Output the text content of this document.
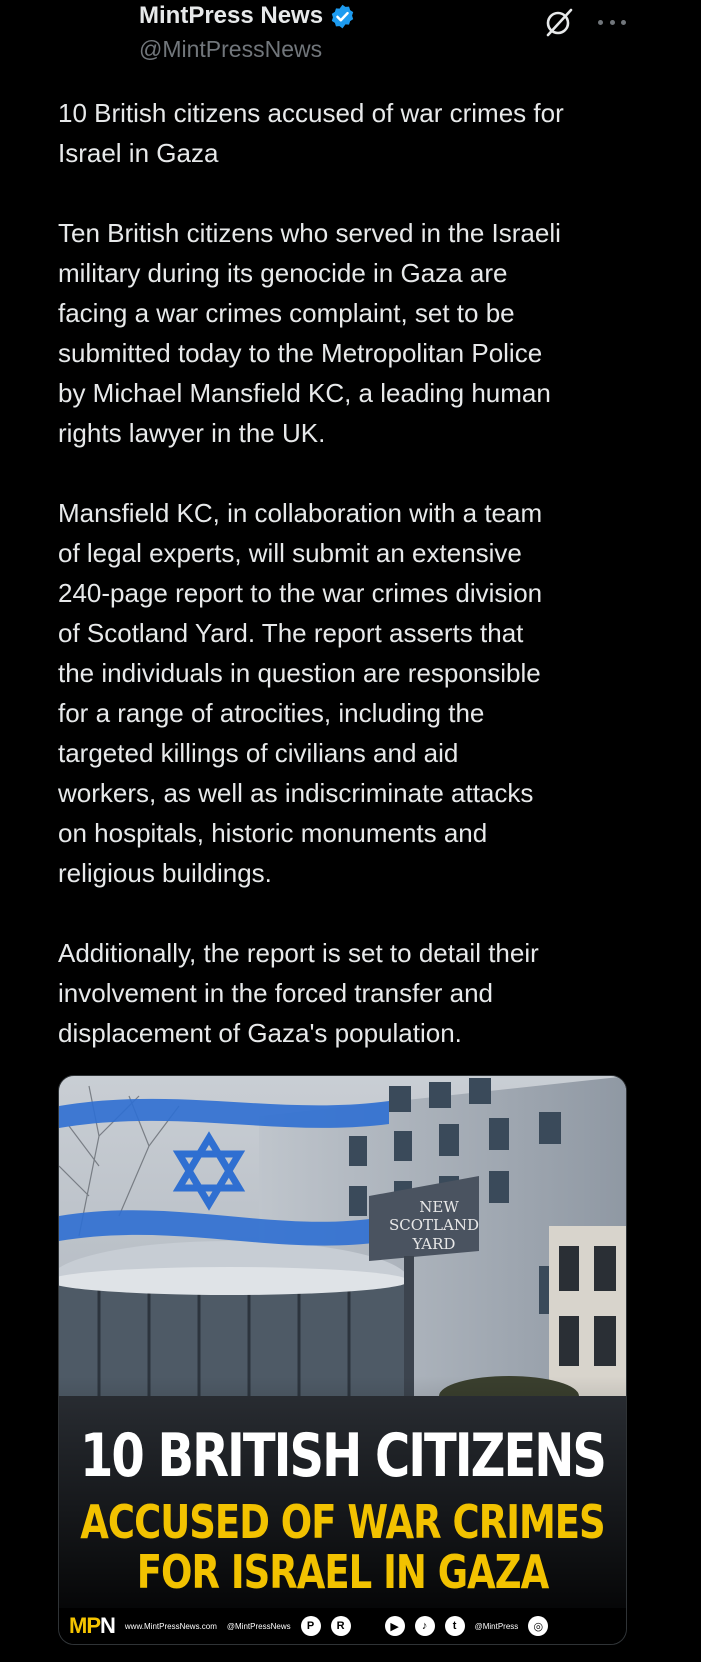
MintPress News
@MintPressNews

10 British citizens accused of war crimes for
Israel in Gaza

Ten British citizens who served in the Israeli
military during its genocide in Gaza are
facing a war crimes complaint, set to be
submitted today to the Metropolitan Police
by Michael Mansfield KC, a leading human
rights lawyer in the UK.

Mansfield KC, in collaboration with a team
of legal experts, will submit an extensive
240-page report to the war crimes division
of Scotland Yard. The report asserts that
the individuals in question are responsible
for a range of atrocities, including the
targeted killings of civilians and aid
workers, as well as indiscriminate attacks
on hospitals, historic monuments and
religious buildings.

Additionally, the report is set to detail their
involvement in the forced transfer and
displacement of Gaza's population.

NEW
SCOTLAND
YARD
10 BRITISH CITIZENS
ACCUSED OF WAR CRIMES
FOR ISRAEL IN GAZA
MPN www.MintPressNews.com @MintPressNews	P	R	▶	♪	t	@MintPress	◎
